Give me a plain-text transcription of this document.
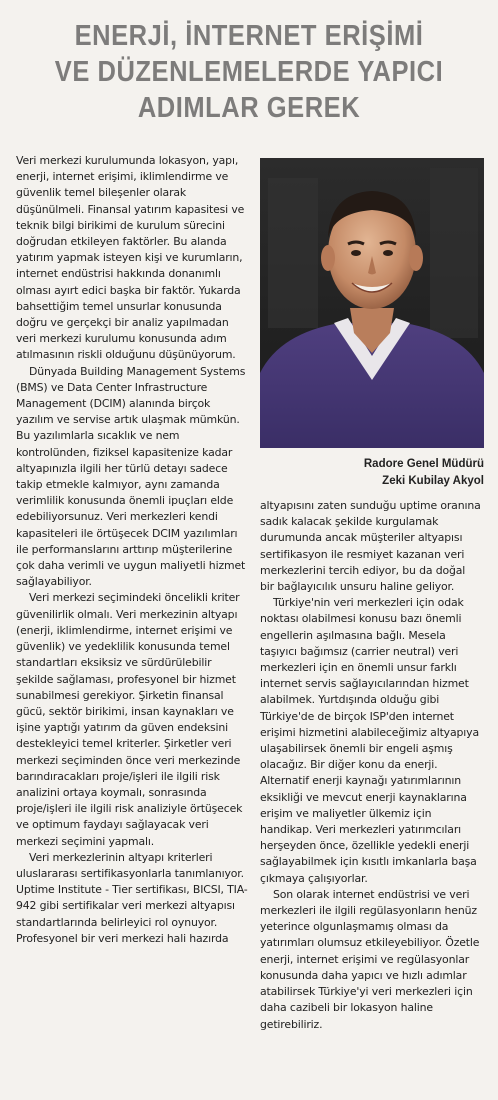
ENERJİ, İNTERNET ERİŞİMİ
VE DÜZENLEMELERDE YAPICI
ADIMLAR GEREK

Veri merkezi kurulumunda lokasyon, yapı, enerji, internet erişimi, iklimlendirme ve güvenlik temel bileşenler olarak düşünülmeli. Finansal yatırım kapasitesi ve teknik bilgi birikimi de kurulum sürecini doğrudan etkileyen faktörler. Bu alanda yatırım yapmak isteyen kişi ve kurumların, internet endüstrisi hakkında donanımlı olması ayırt edici başka bir faktör. Yukarda bahsettiğim temel unsurlar konusunda doğru ve gerçekçi bir analiz yapılmadan veri merkezi kurulumu konusunda adım atılmasının riskli olduğunu düşünüyorum.

Dünyada Building Management Systems (BMS) ve Data Center Infrastructure Management (DCIM) alanında birçok yazılım ve servise artık ulaşmak mümkün. Bu yazılımlarla sıcaklık ve nem kontrolünden, fiziksel kapasitenize kadar altyapınızla ilgili her türlü detayı sadece takip etmekle kalmıyor, aynı zamanda verimlilik konusunda önemli ipuçları elde edebiliyorsunuz. Veri merkezleri kendi kapasiteleri ile örtüşecek DCIM yazılımları ile performanslarını arttırıp müşterilerine çok daha verimli ve uygun maliyetli hizmet sağlayabiliyor.

Veri merkezi seçimindeki öncelikli kriter güvenilirlik olmalı. Veri merkezinin altyapı (enerji, iklimlendirme, internet erişimi ve güvenlik) ve yedeklilik konusunda temel standartları eksiksiz ve sürdürülebilir şekilde sağlaması, profesyonel bir hizmet sunabilmesi gerekiyor. Şirketin finansal gücü, sektör birikimi, insan kaynakları ve işine yaptığı yatırım da güven endeksini destekleyici temel kriterler. Şirketler veri merkezi seçiminden önce veri merkezinde barındıracakları proje/işleri ile ilgili risk analizini ortaya koymalı, sonrasında proje/işleri ile ilgili risk analiziyle örtüşecek ve optimum faydayı sağlayacak veri merkezi seçimini yapmalı.

Veri merkezlerinin altyapı kriterleri uluslararası sertifikasyonlarla tanımlanıyor. Uptime Institute - Tier sertifikası, BICSI, TIA-942 gibi sertifikalar veri merkezi altyapısı standartlarında belirleyici rol oynuyor. Profesyonel bir veri merkezi hali hazırda

Radore Genel Müdürü
Zeki Kubilay Akyol

altyapısını zaten sunduğu uptime oranına sadık kalacak şekilde kurgulamak durumunda ancak müşteriler altyapısı sertifikasyon ile resmiyet kazanan veri merkezlerini tercih ediyor, bu da doğal bir bağlayıcılık unsuru haline geliyor.

Türkiye'nin veri merkezleri için odak noktası olabilmesi konusu bazı önemli engellerin aşılmasına bağlı. Mesela taşıyıcı bağımsız (carrier neutral) veri merkezleri için en önemli unsur farklı internet servis sağlayıcılarından hizmet alabilmek. Yurtdışında olduğu gibi Türkiye'de de birçok ISP'den internet erişimi hizmetini alabileceğimiz altyapıya ulaşabilirsek önemli bir engeli aşmış olacağız. Bir diğer konu da enerji. Alternatif enerji kaynağı yatırımlarının eksikliği ve mevcut enerji kaynaklarına erişim ve maliyetler ülkemiz için handikap. Veri merkezleri yatırımcıları herşeyden önce, özellikle yedekli enerji sağlayabilmek için kısıtlı imkanlarla başa çıkmaya çalışıyorlar.

Son olarak internet endüstrisi ve veri merkezleri ile ilgili regülasyonların henüz yeterince olgunlaşmamış olması da yatırımları olumsuz etkileyebiliyor. Özetle enerji, internet erişimi ve regülasyonlar konusunda daha yapıcı ve hızlı adımlar atabilirsek Türkiye'yi veri merkezleri için daha cazibeli bir lokasyon haline getirebiliriz.
